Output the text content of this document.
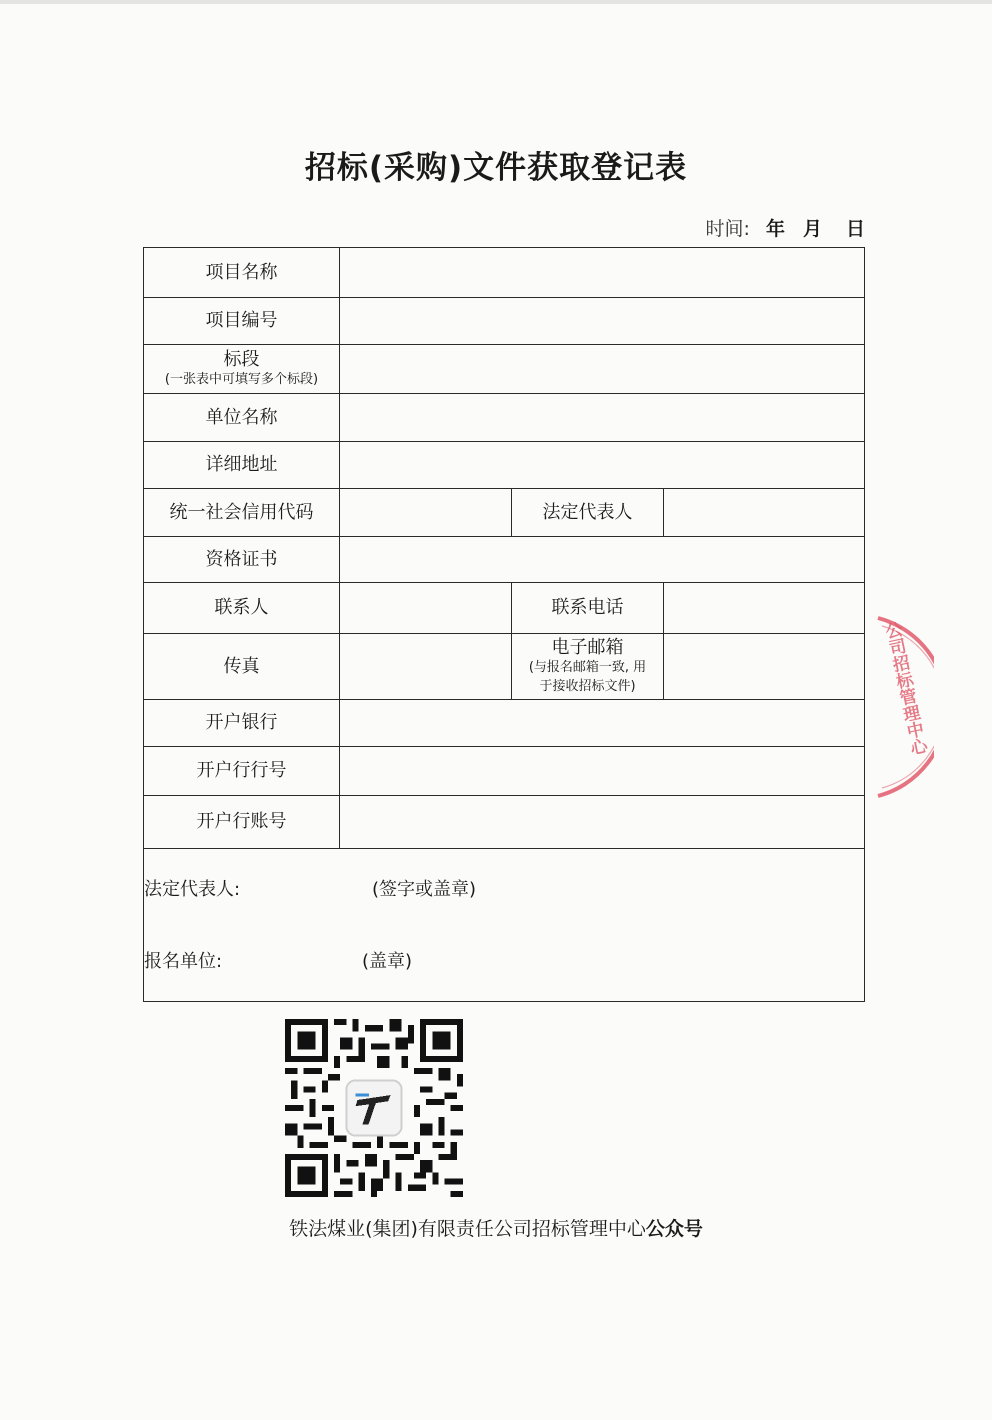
招标(采购)文件获取登记表
时间: 年 月 日
项目名称			
项目编号			
标段
(一张表中可填写多个标段)			

单位名称			
详细地址			
统一社会信用代码		法定代表人	
资格证书			
联系人		联系电话	
传真		电子邮箱
(与报名邮箱一致, 用
于接收招标文件)	

开户银行			
开户行行号			
开户行账号			

法定代表人: (签字或盖章)
报名单位: (盖章)			
铁法煤业(集团)有限责任公司招标管理中心公众号
公司招标管理中心
